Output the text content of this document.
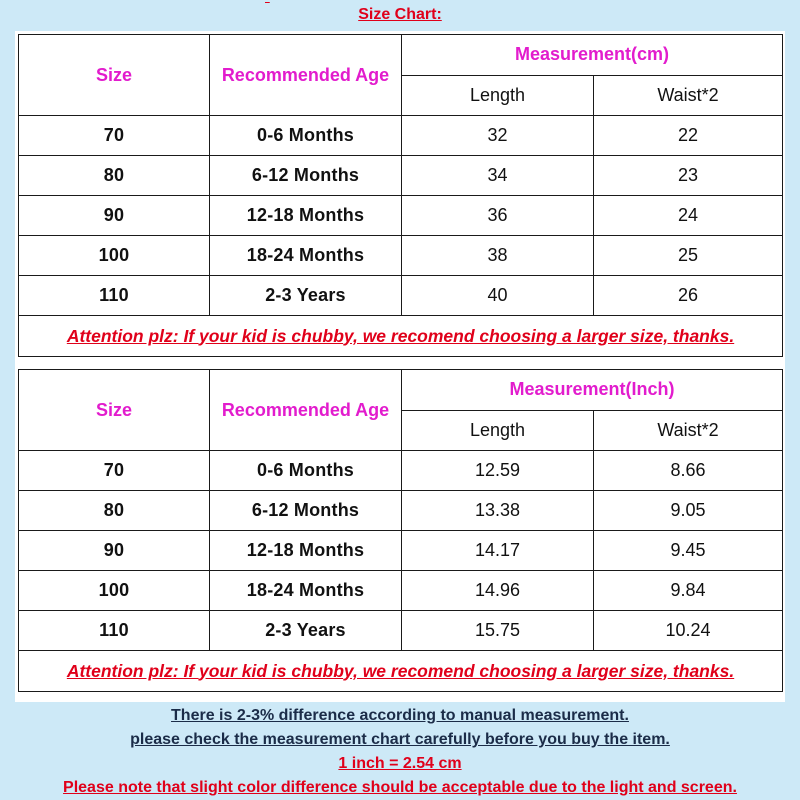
Size Chart:
Size	Recommended Age	Measurement(cm)	
		Length	Waist*2
70	0-6 Months	32	22
80	6-12 Months	34	23
90	12-18 Months	36	24
100	18-24 Months	38	25
110	2-3 Years	40	26
Attention plz: If your kid is chubby, we recomend choosing a larger size, thanks.			
Size	Recommended Age	Measurement(Inch)	
		Length	Waist*2
70	0-6 Months	12.59	8.66
80	6-12 Months	13.38	9.05
90	12-18 Months	14.17	9.45
100	18-24 Months	14.96	9.84
110	2-3 Years	15.75	10.24
Attention plz: If your kid is chubby, we recomend choosing a larger size, thanks.			
There is 2-3% difference according to manual measurement.
please check the measurement chart carefully before you buy the item.
1 inch = 2.54 cm
Please note that slight color difference should be acceptable due to the light and screen.
